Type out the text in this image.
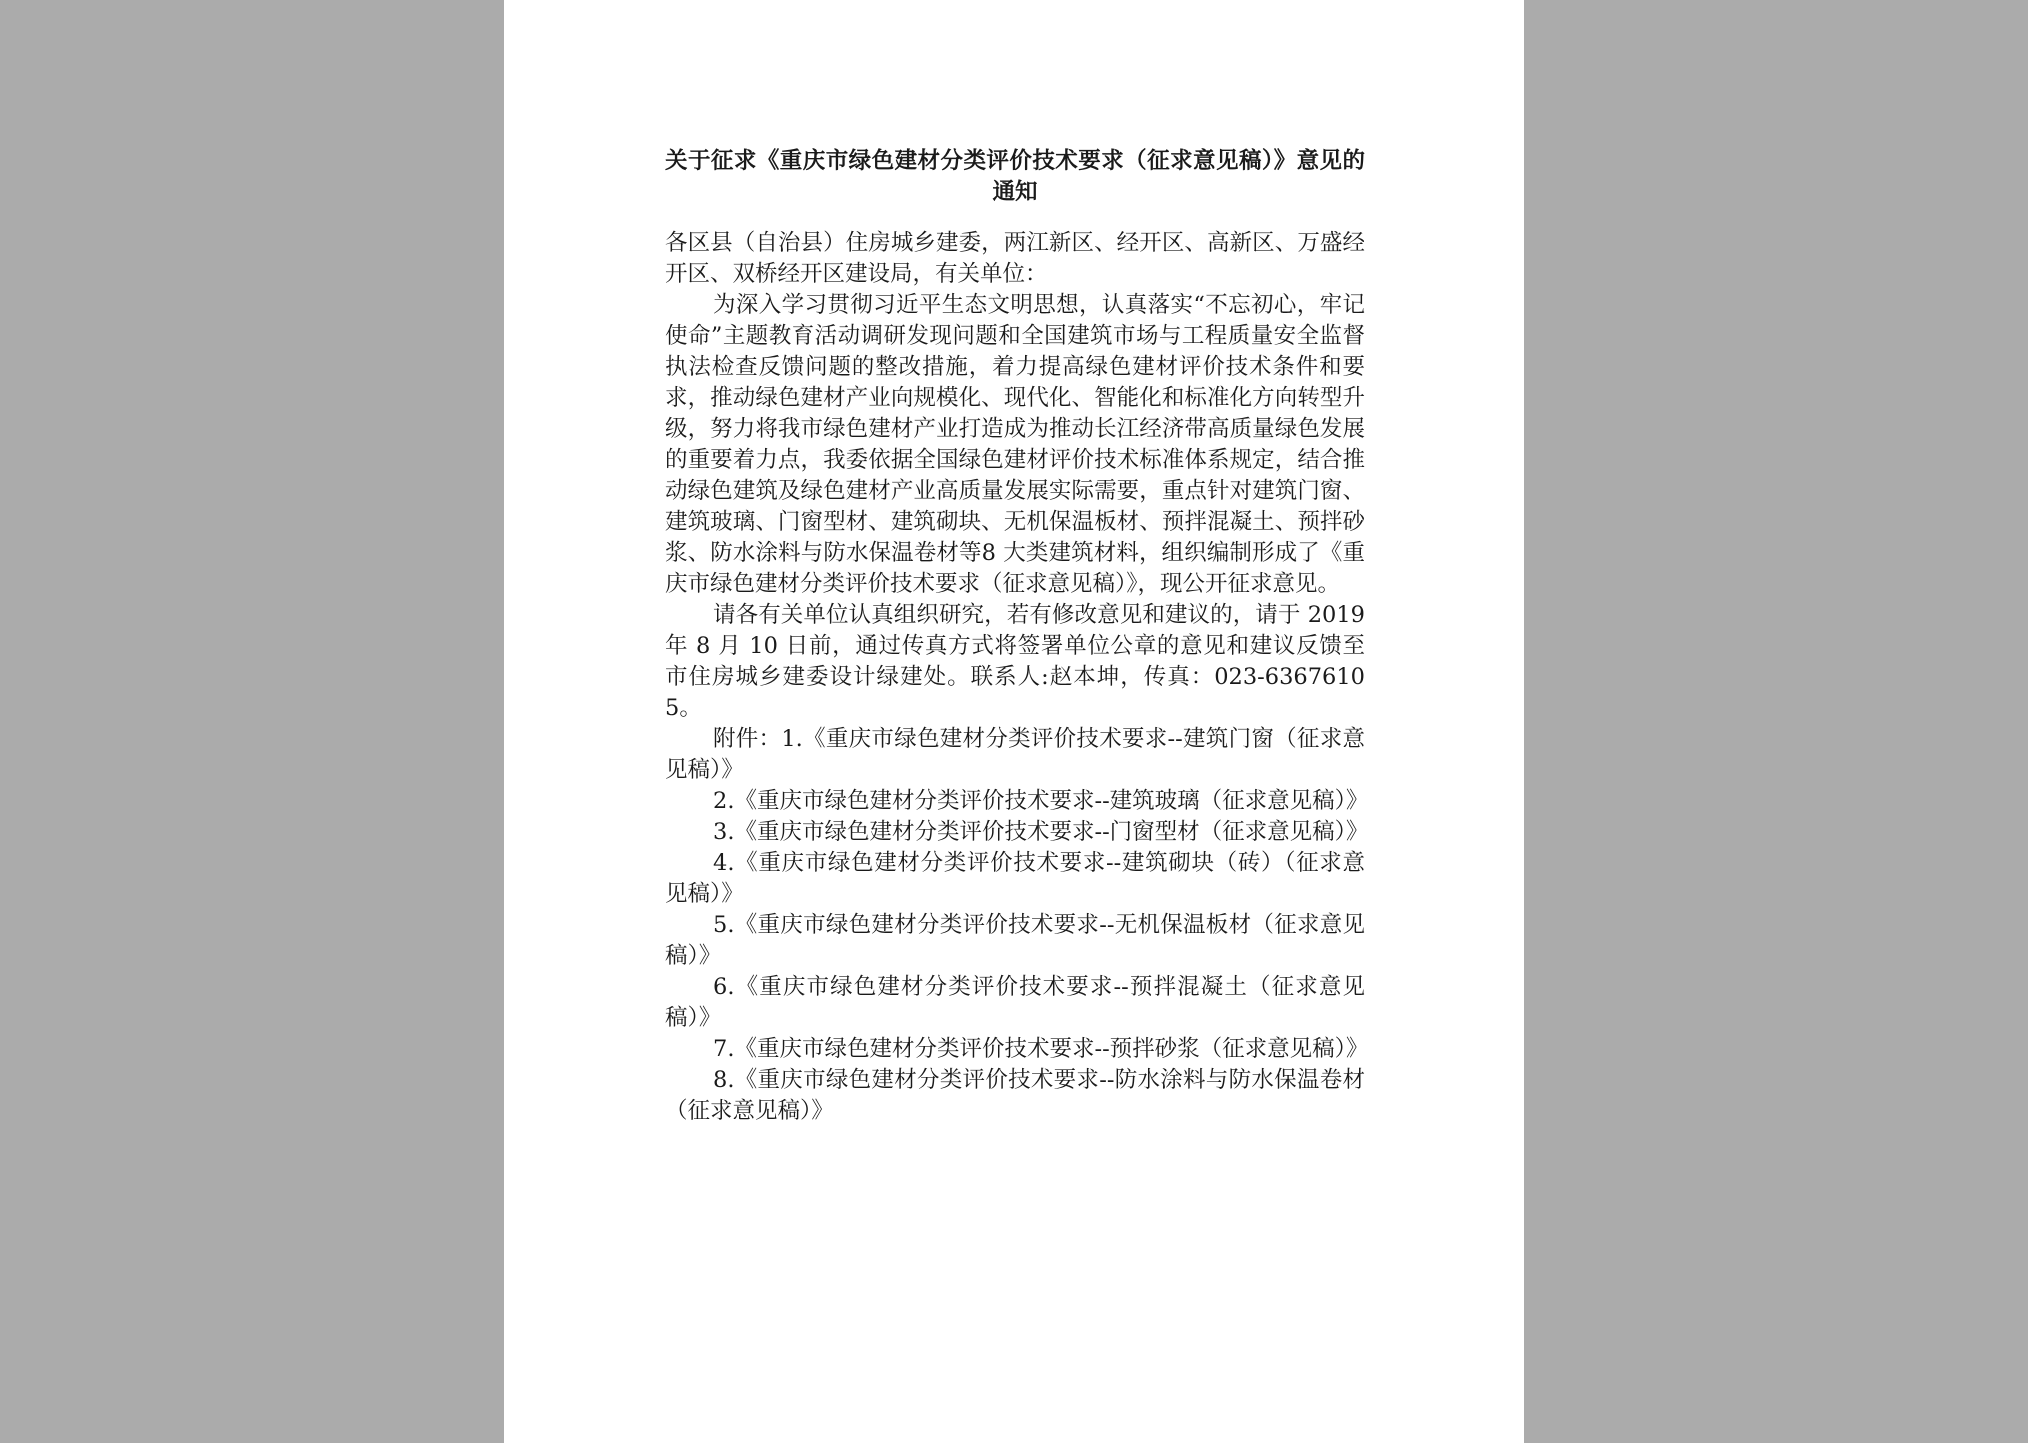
关于征求《重庆市绿色建材分类评价技术要求（征求意见稿）》意见的通知

各区县（自治县）住房城乡建委，两江新区、经开区、高新区、万盛经开区、双桥经开区建设局，有关单位：

为深入学习贯彻习近平生态文明思想，认真落实“不忘初心，牢记使命”主题教育活动调研发现问题和全国建筑市场与工程质量安全监督执法检查反馈问题的整改措施，着力提高绿色建材评价技术条件和要求，推动绿色建材产业向规模化、现代化、智能化和标准化方向转型升级，努力将我市绿色建材产业打造成为推动长江经济带高质量绿色发展的重要着力点，我委依据全国绿色建材评价技术标准体系规定，结合推动绿色建筑及绿色建材产业高质量发展实际需要，重点针对建筑门窗、建筑玻璃、门窗型材、建筑砌块、无机保温板材、预拌混凝土、预拌砂浆、防水涂料与防水保温卷材等8 大类建筑材料，组织编制形成了《重庆市绿色建材分类评价技术要求（征求意见稿）》，现公开征求意见。

请各有关单位认真组织研究，若有修改意见和建议的，请于 2019 年 8 月 10 日前，通过传真方式将签署单位公章的意见和建议反馈至市住房城乡建委设计绿建处。联系人:赵本坤，传真：023-63676105。

附件：1.《重庆市绿色建材分类评价技术要求--建筑门窗（征求意见稿）》

2.《重庆市绿色建材分类评价技术要求--建筑玻璃（征求意见稿）》

3.《重庆市绿色建材分类评价技术要求--门窗型材（征求意见稿）》

4.《重庆市绿色建材分类评价技术要求--建筑砌块（砖）（征求意见稿）》

5.《重庆市绿色建材分类评价技术要求--无机保温板材（征求意见稿）》

6.《重庆市绿色建材分类评价技术要求--预拌混凝土（征求意见稿）》

7.《重庆市绿色建材分类评价技术要求--预拌砂浆（征求意见稿）》

8.《重庆市绿色建材分类评价技术要求--防水涂料与防水保温卷材（征求意见稿）》
